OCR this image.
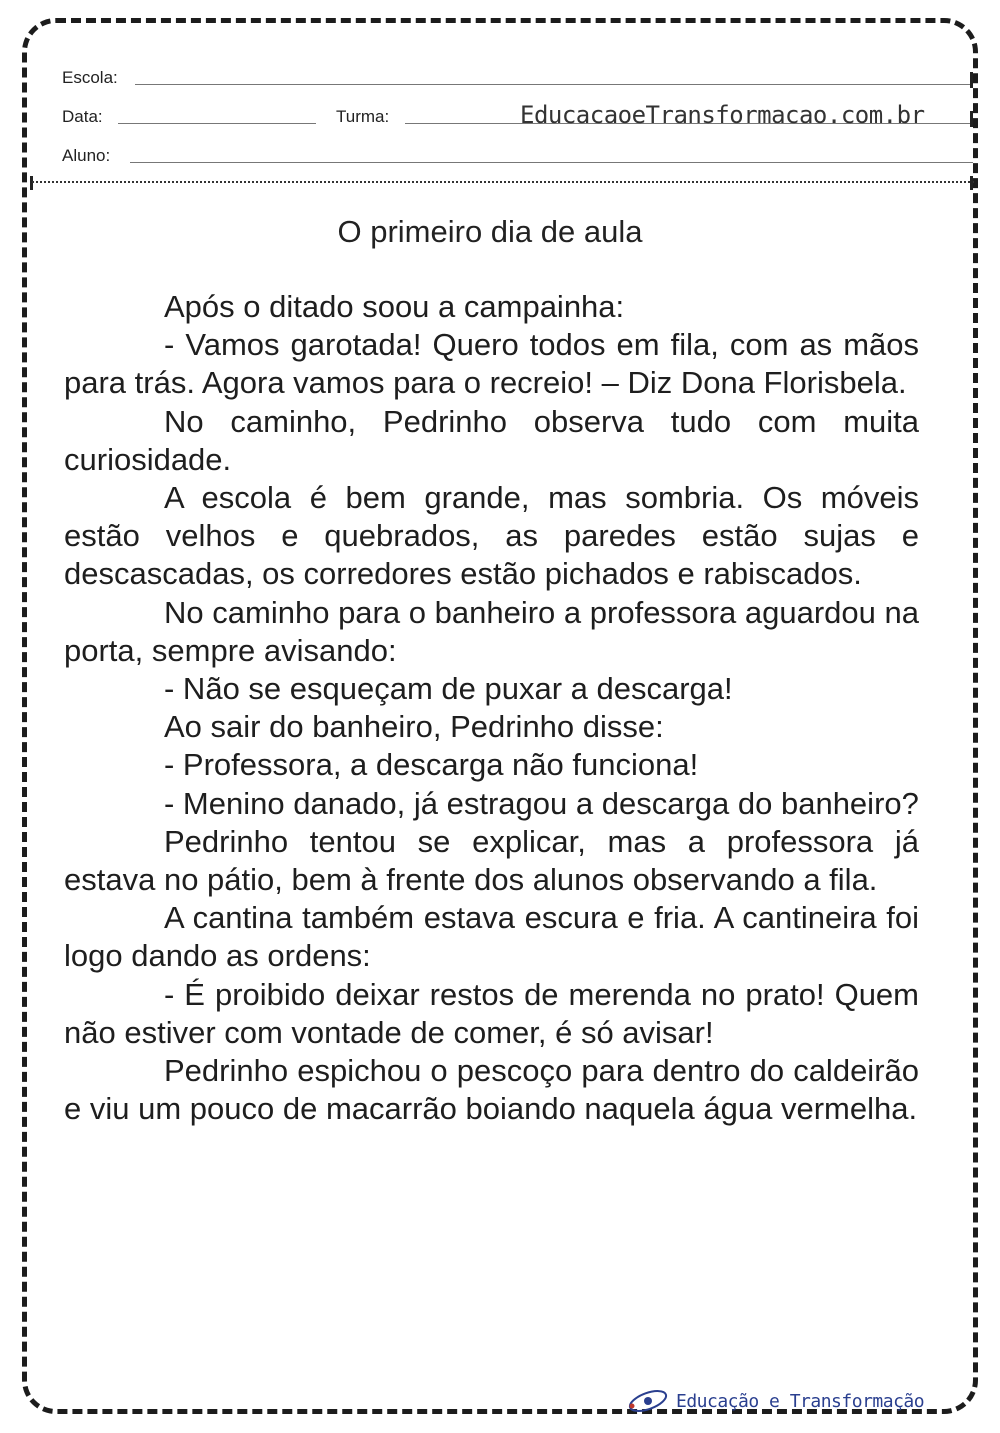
Escola:
Data:	Turma:	EducacaoeTransformacao.com.br
Aluno:
O primeiro dia de aula

Após o ditado soou a campainha:

- Vamos garotada! Quero todos em fila, com as mãos para trás. Agora vamos para o recreio! – Diz Dona Florisbela.

No caminho, Pedrinho observa tudo com muita curiosidade.

A escola é bem grande, mas sombria. Os móveis estão velhos e quebrados, as paredes estão sujas e descascadas, os corredores estão pichados e rabiscados.

No caminho para o banheiro a professora aguardou na porta, sempre avisando:

- Não se esqueçam de puxar a descarga!

Ao sair do banheiro, Pedrinho disse:

- Professora, a descarga não funciona!

- Menino danado, já estragou a descarga do banheiro?

Pedrinho tentou se explicar, mas a professora já estava no pátio, bem à frente dos alunos observando a fila.

A cantina também estava escura e fria. A cantineira foi logo dando as ordens:

- É proibido deixar restos de merenda no prato! Quem não estiver com vontade de comer, é só avisar!

Pedrinho espichou o pescoço para dentro do caldeirão e viu um pouco de macarrão boiando naquela água vermelha.

Educação e Transformação
